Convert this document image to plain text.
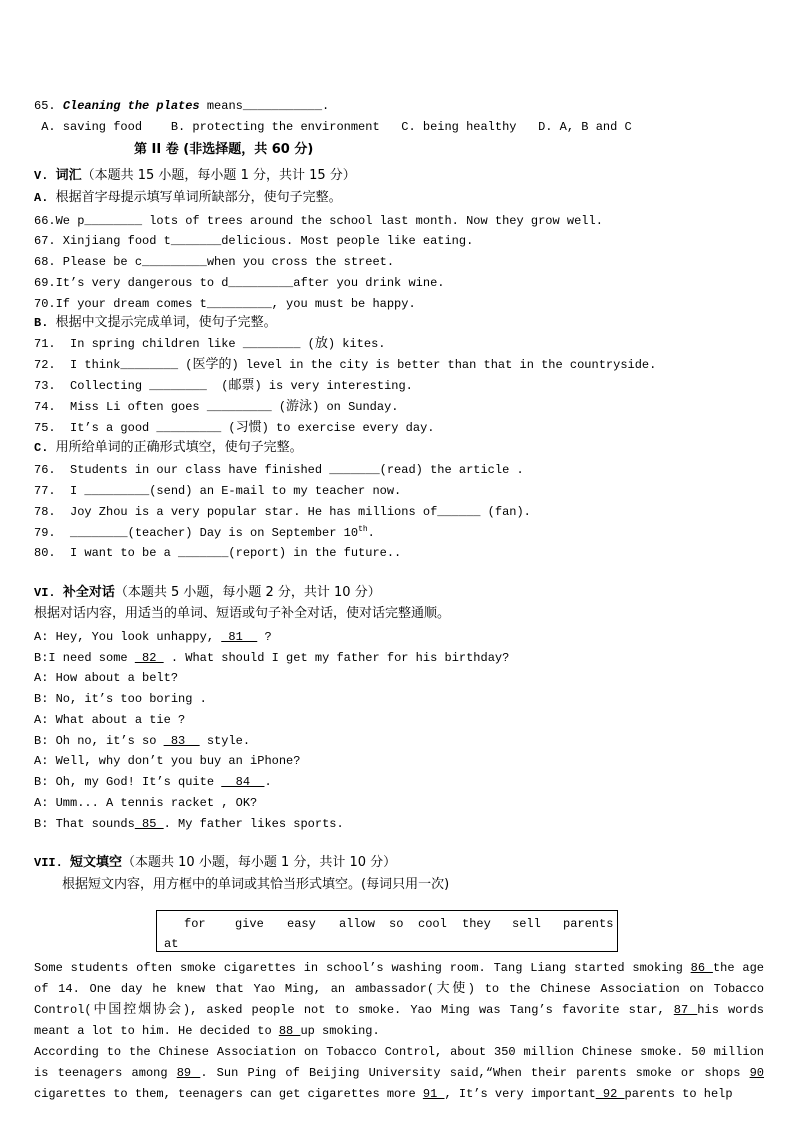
65. Cleaning the plates means___________.
A. saving food    B. protecting the environment   C. being healthy   D. A, B and C
第 II 卷 (非选择题，共 60 分)
V. 词汇（本题共 15 小题，每小题 1 分，共计 15 分）
A. 根据首字母提示填写单词所缺部分，使句子完整。
66.We p________ lots of trees around the school last month. Now they grow well.
67. Xinjiang food t_______delicious. Most people like eating.
68. Please be c_________when you cross the street.
69.It’s very dangerous to d_________after you drink wine.
70.If your dream comes t_________, you must be happy.
B. 根据中文提示完成单词，使句子完整。
71.  In spring children like ________ (放) kites.
72.  I think________ (医学的) level in the city is better than that in the countryside.
73.  Collecting ________  (邮票) is very interesting.
74.  Miss Li often goes _________ (游泳) on Sunday.
75.  It’s a good _________ (习惯) to exercise every day.
C. 用所给单词的正确形式填空，使句子完整。
76.  Students in our class have finished _______(read) the article .
77.  I _________(send) an E-mail to my teacher now.
78.  Joy Zhou is a very popular star. He has millions of______ (fan).
79.  ________(teacher) Day is on September 10th.
80.  I want to be a _______(report) in the future..
VI. 补全对话（本题共 5 小题，每小题 2 分，共计 10 分）
根据对话内容，用适当的单词、短语或句子补全对话，使对话完整通顺。
A: Hey, You look unhappy,  81   ?
B:I need some  82  . What should I get my father for his birthday?
A: How about a belt?
B: No, it’s too boring .
A: What about a tie ?
B: Oh no, it’s so  83   style.
A: Well, why don’t you buy an iPhone?
B: Oh, my God! It’s quite   84  .
A: Umm... A tennis racket , OK?
B: That sounds 85 . My father likes sports.
VII. 短文填空（本题共 10 小题，每小题 1 分，共计 10 分）
根据短文内容，用方框中的单词或其恰当形式填空。(每词只用一次)
for give easy allow so cool they sell parents
at
Some students often smoke cigarettes in school’s washing room. Tang Liang started smoking 86 the age of 14. One day he knew that Yao Ming, an ambassador(大使) to the Chinese Association on Tobacco Control(中国控烟协会), asked people not to smoke. Yao Ming was Tang’s favorite star, 87 his words meant a lot to him. He decided to 88 up smoking.
According to the Chinese Association on Tobacco Control, about 350 million Chinese smoke. 50 million is teenagers among 89 . Sun Ping of Beijing University said,“When their parents smoke or shops 90 cigarettes to them, teenagers can get cigarettes more 91 , It’s very important 92 parents to help
